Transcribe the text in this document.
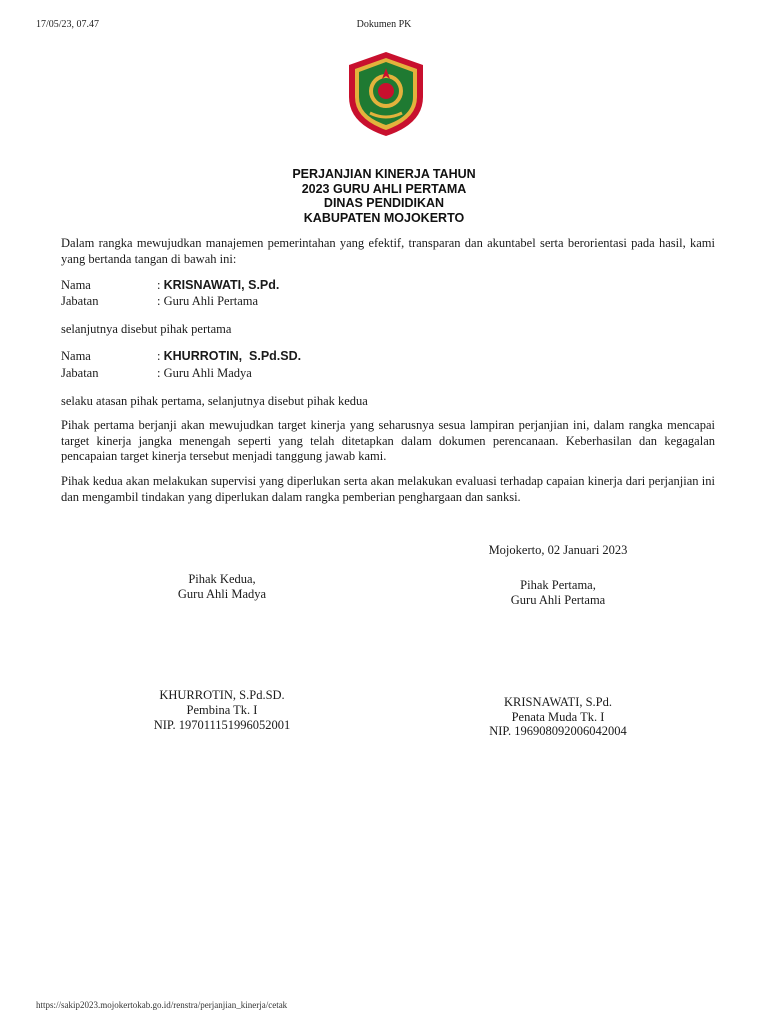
17/05/23, 07.47	Dokumen PK
PERJANJIAN KINERJA TAHUN
2023 GURU AHLI PERTAMA
DINAS PENDIDIKAN
KABUPATEN MOJOKERTO
Dalam rangka mewujudkan manajemen pemerintahan yang efektif, transparan dan akuntabel serta berorientasi pada hasil, kami yang bertanda tangan di bawah ini:
Nama	: KRISNAWATI, S.Pd.
Jabatan	: Guru Ahli Pertama
selanjutnya disebut pihak pertama
Nama	: KHURROTIN,  S.Pd.SD.
Jabatan	: Guru Ahli Madya
selaku atasan pihak pertama, selanjutnya disebut pihak kedua
Pihak pertama berjanji akan mewujudkan target kinerja yang seharusnya sesua lampiran perjanjian ini, dalam rangka mencapai target kinerja jangka menengah seperti yang telah ditetapkan dalam dokumen perencanaan. Keberhasilan dan kegagalan pencapaian target kinerja tersebut menjadi tanggung jawab kami.
Pihak kedua akan melakukan supervisi yang diperlukan serta akan melakukan evaluasi terhadap capaian kinerja dari perjanjian ini dan mengambil tindakan yang diperlukan dalam rangka pemberian penghargaan dan sanksi.
Mojokerto, 02 Januari 2023
Pihak Kedua,
Guru Ahli Madya
Pihak Pertama,
Guru Ahli Pertama
KHURROTIN, S.Pd.SD.
Pembina Tk. I
NIP. 197011151996052001
KRISNAWATI, S.Pd.
Penata Muda Tk. I
NIP. 196908092006042004
https://sakip2023.mojokertokab.go.id/renstra/perjanjian_kinerja/cetak
